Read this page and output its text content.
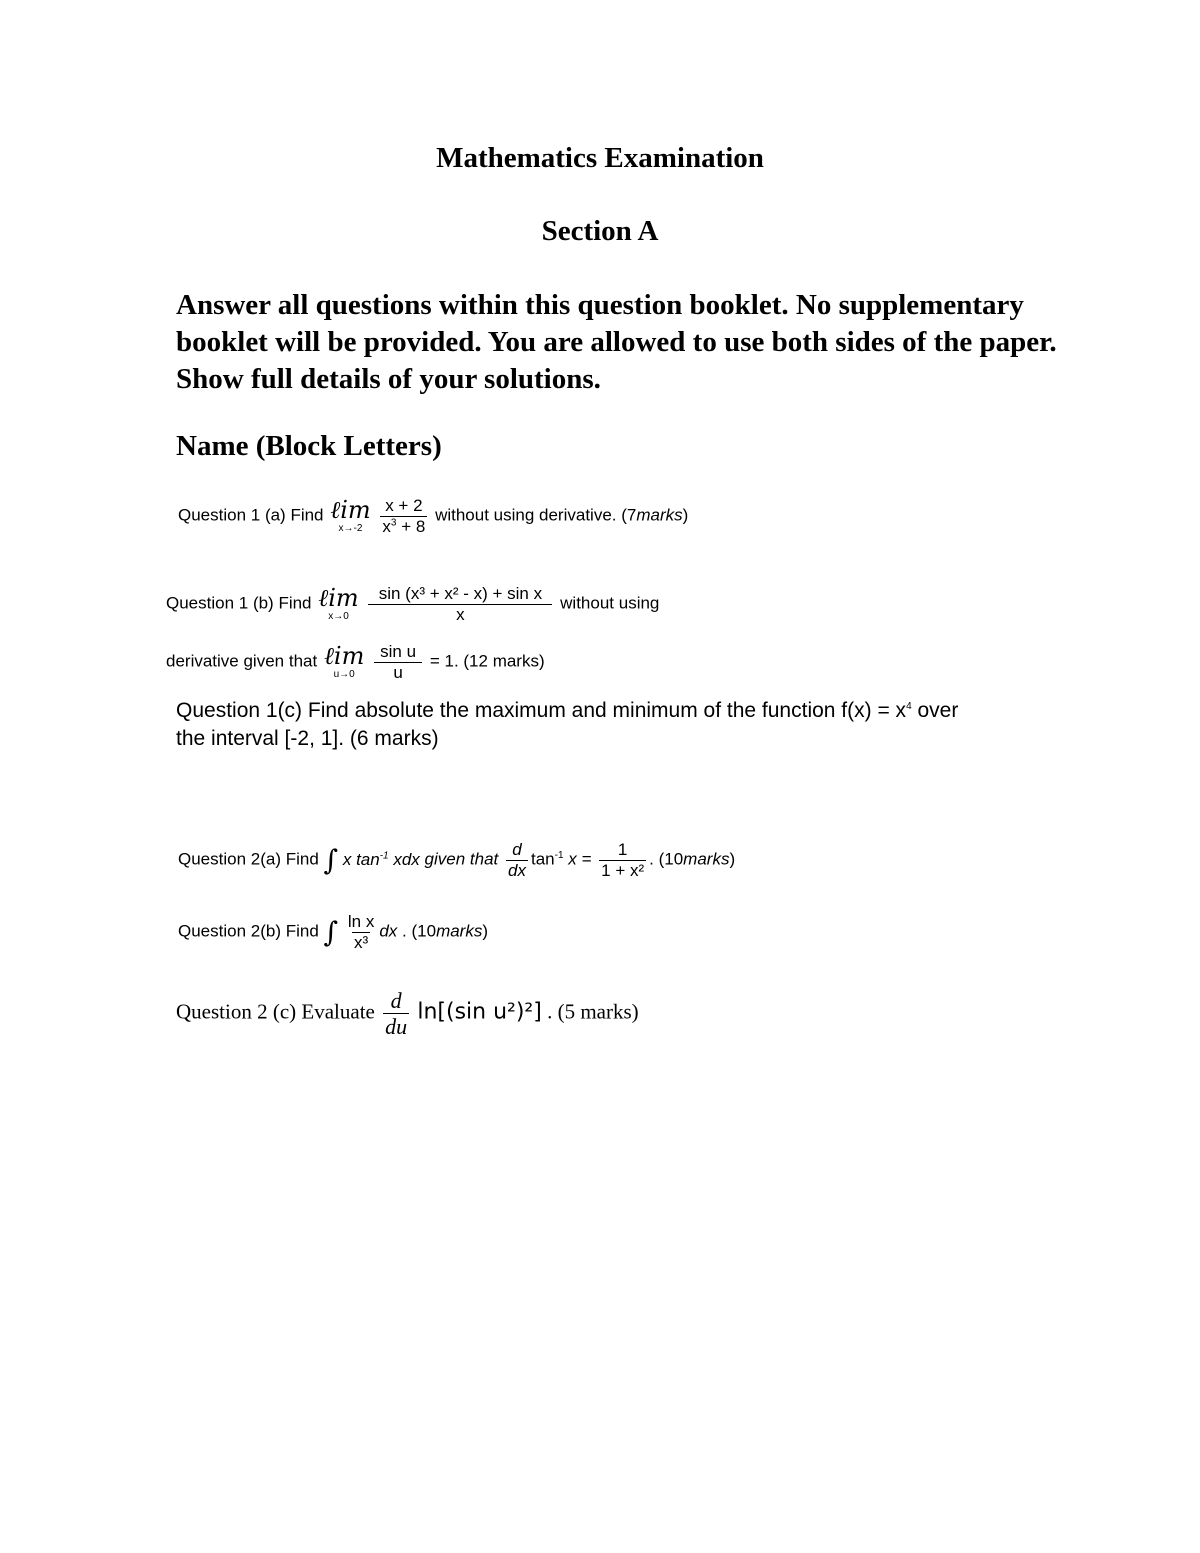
Mathematics Examination
Section A
Answer all questions within this question booklet. No supplementary booklet will be provided. You are allowed to use both sides of the paper. Show full details of your solutions.
Name (Block Letters)
Question 1 (a) Find ℓim
x→-2
$\frac{x + 2}{x^3 + 8}$ without using derivative. (7marks)
Question 1 (b) Find ℓim
x→0
$\frac{\text{sin (x³ + x² - x) + sin x}}{x}$ without using
derivative given that ℓim
u→0
$\frac{\text{sin u}}{u} = 1$. (12 marks)
Question 1(c) Find absolute the maximum and minimum of the function $f(x) = x^4$ over
the interval [-2, 1]. (6 marks)
Question 2(a) Find ∫ x $\tan^{-1}$ xdx given that $\frac{d}{dx} \tan^{-1} x = \frac{1}{\text{1 + x²}}$ . (10marks)
Question 2(b) Find ∫ $\frac{\text{ln x}}{\text{x³}}$ dx . (10marks)
Question 2 (c) Evaluate $\frac{d}{du} \ln[(\sin$ u²)²] . (5 marks)
